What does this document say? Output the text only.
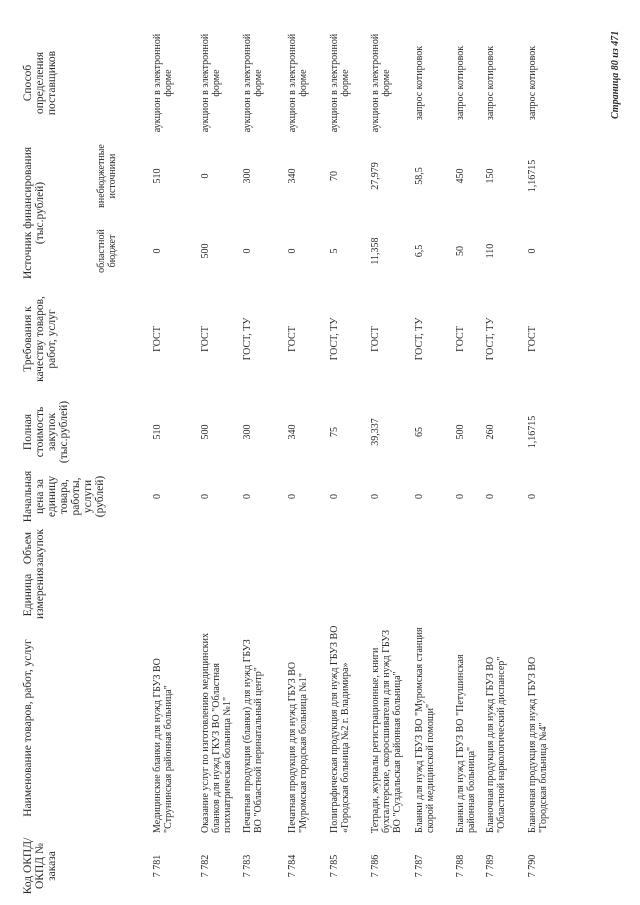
Код ОКПД/ ОКПД № заказа
Наименование товаров, работ, услуг
Единица измерения
Объем закупок
Начальная цена за единицу товара, работы, услуги (рублей)
Полная стоимость закупок (тыс.рублей)
Требования к качеству товаров, работ, услуг
Источник финансирования (тыс.рублей)
областной бюджет
внебюджетные источники
Способ определения поставщиков
7 781
Медицинские бланки для нужд ГБУЗ ВО "Струнинская районная больница"
0
510
ГОСТ
0
510
аукцион в электронной форме
7 782
Оказание услуг по изготовлению медицинских бланков для нужд ГКУЗ ВО "Областная психиатрическая больница №1"
0
500
ГОСТ
500
0
аукцион в электронной форме
7 783
Печатная продукция (бланки) для нужд ГБУЗ ВО "Областной перинатальный центр"
0
300
ГОСТ, ТУ
0
300
аукцион в электронной форме
7 784
Печатная продукция для нужд ГБУЗ ВО "Муромская городская больница №1"
0
340
ГОСТ
0
340
аукцион в электронной форме
7 785
Полиграфическая продукция для нужд ГБУЗ ВО «Городская больница №2 г. Владимира»
0
75
ГОСТ, ТУ
5
70
аукцион в электронной форме
7 786
Тетради, журналы регистрационные, книги бухгалтерские, скоросшиватели для нужд ГБУЗ ВО "Суздальская районная больница"
0
39,337
ГОСТ
11,358
27,979
аукцион в электронной форме
7 787
Бланки для нужд ГБУЗ ВО "Муромская станция скорой медицинской помощи"
0
65
ГОСТ, ТУ
6,5
58,5
запрос котировок
7 788
Бланки для нужд ГБУЗ ВО "Петушинская районная больница"
0
500
ГОСТ
50
450
запрос котировок
7 789
Бланочная продукция для нужд ГБУЗ ВО "Областной наркологический диспансер"
0
260
ГОСТ, ТУ
110
150
запрос котировок
7 790
Бланочная продукция для нужд ГБУЗ ВО "Городская больница №4"
0
1,16715
ГОСТ
0
1,16715
запрос котировок	Страница 80 из 471
